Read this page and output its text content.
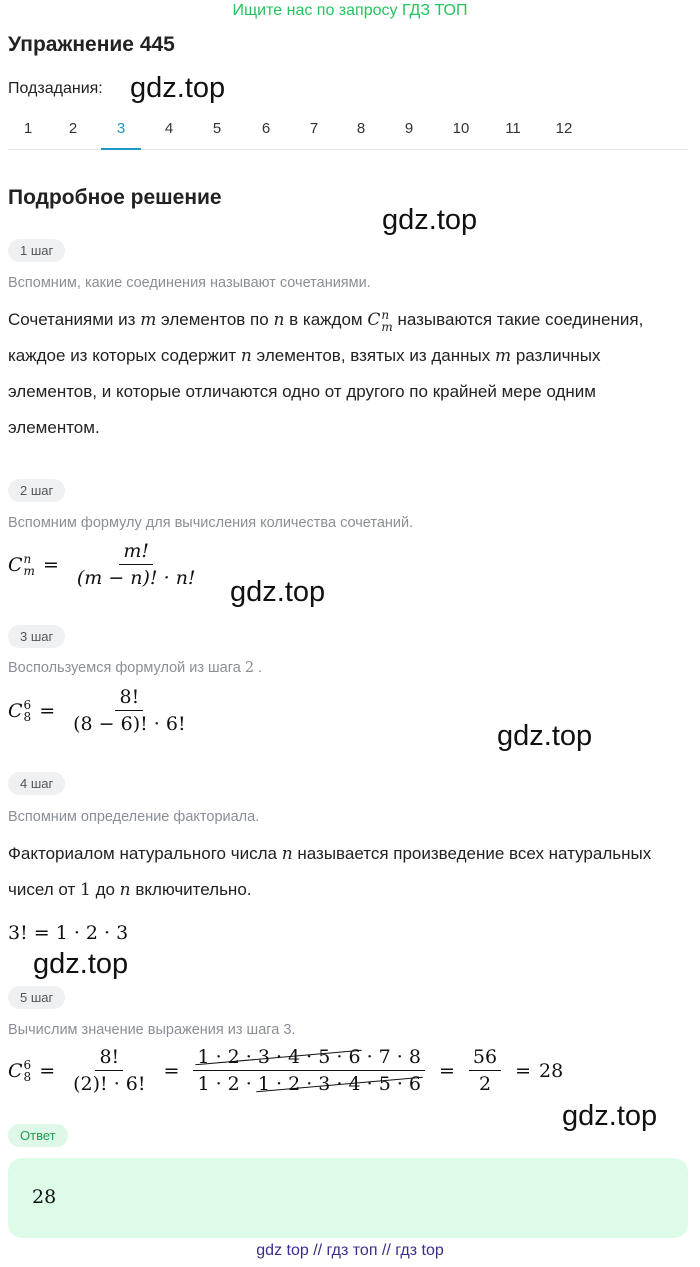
Ищите нас по запросу ГДЗ ТОП
Упражнение 445
Подзадания: gdz.top
1	2	3	4	5	6	7	8	9	10	11	12
Подробное решение
gdz.top
1 шаг
Вспомним, какие соединения называют сочетаниями.
Сочетаниями из m элементов по n в каждом C n
m называются такие соединения, каждое из которых содержит n элементов, взятых из данных m различных элементов, и которые отличаются одно от другого по крайней мере одним элементом.
2 шаг
Вспомним формулу для вычисления количества сочетаний.
C n
$m = \frac{m!}{(m - n)! \cdot n!}$
gdz.top
3 шаг
Воспользуемся формулой из шага 2 .
C 6
$8 = \frac{8!}{(8 - 6)! \cdot 6!}$
gdz.top
4 шаг
Вспомним определение факториала.
Факториалом натурального числа n называется произведение всех натуральных чисел от 1 до n включительно.
3! = 1 · 2 · 3
gdz.top
5 шаг
Вычислим значение выражения из шага 3.
C 6
$8 = \frac{8!}{(2)! \cdot 6!} = \frac{1 \cdot 2 \cdot 3 \cdot 4 \cdot 5 \cdot 6 \cdot 7 \cdot 8}{1 \cdot 2 \cdot 1 \cdot 2 \cdot 3 \cdot 4 \cdot 5 \cdot 6} = \frac{56}{2} = 28$
gdz.top
Ответ
28
gdz top // гдз топ // гдз top
